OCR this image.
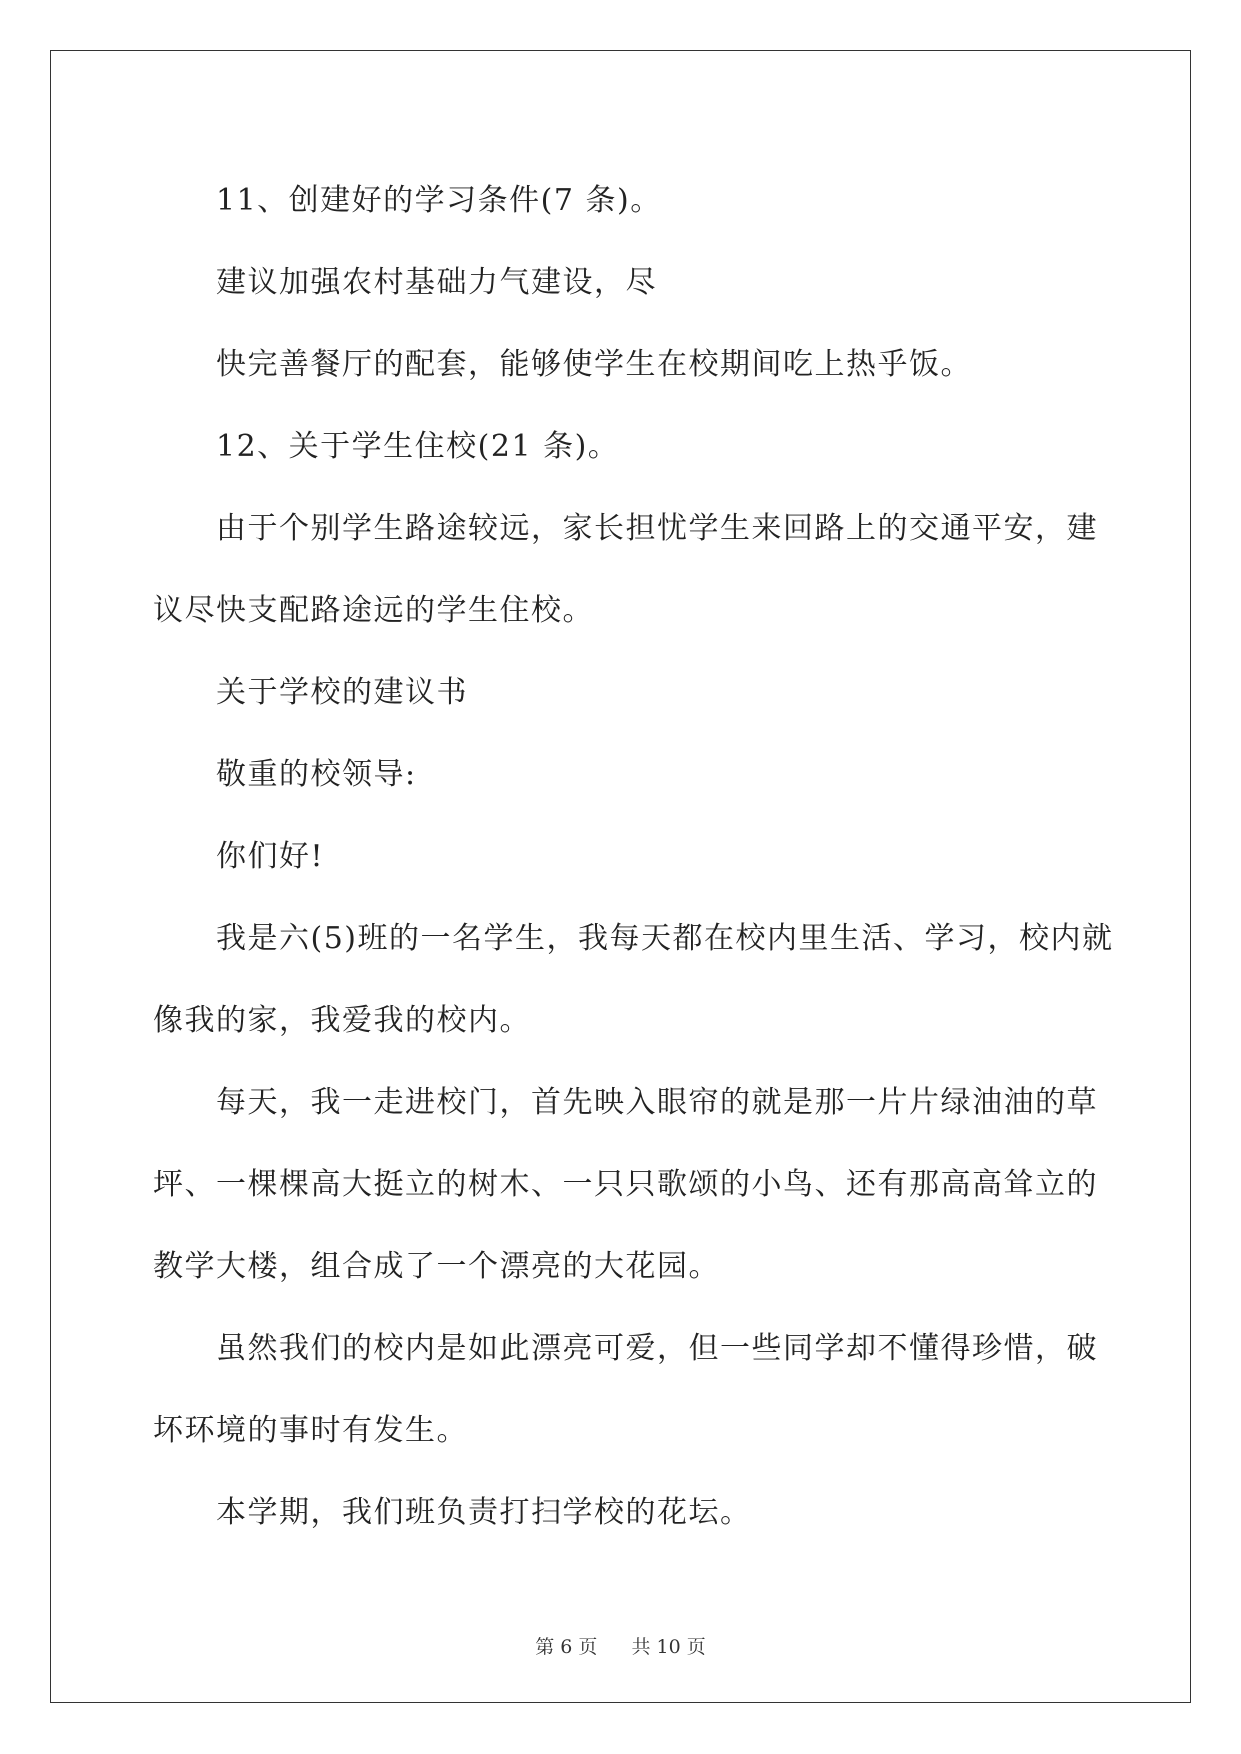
11、创建好的学习条件(7 条)。

建议加强农村基础力气建设，尽

快完善餐厅的配套，能够使学生在校期间吃上热乎饭。

12、关于学生住校(21 条)。

由于个别学生路途较远，家长担忧学生来回路上的交通平安，建

议尽快支配路途远的学生住校。

关于学校的建议书

敬重的校领导:

你们好!

我是六(5)班的一名学生，我每天都在校内里生活、学习，校内就

像我的家，我爱我的校内。

每天，我一走进校门，首先映入眼帘的就是那一片片绿油油的草

坪、一棵棵高大挺立的树木、一只只歌颂的小鸟、还有那高高耸立的

教学大楼，组合成了一个漂亮的大花园。

虽然我们的校内是如此漂亮可爱，但一些同学却不懂得珍惜，破

坏环境的事时有发生。

本学期，我们班负责打扫学校的花坛。

第 6 页 共 10 页
